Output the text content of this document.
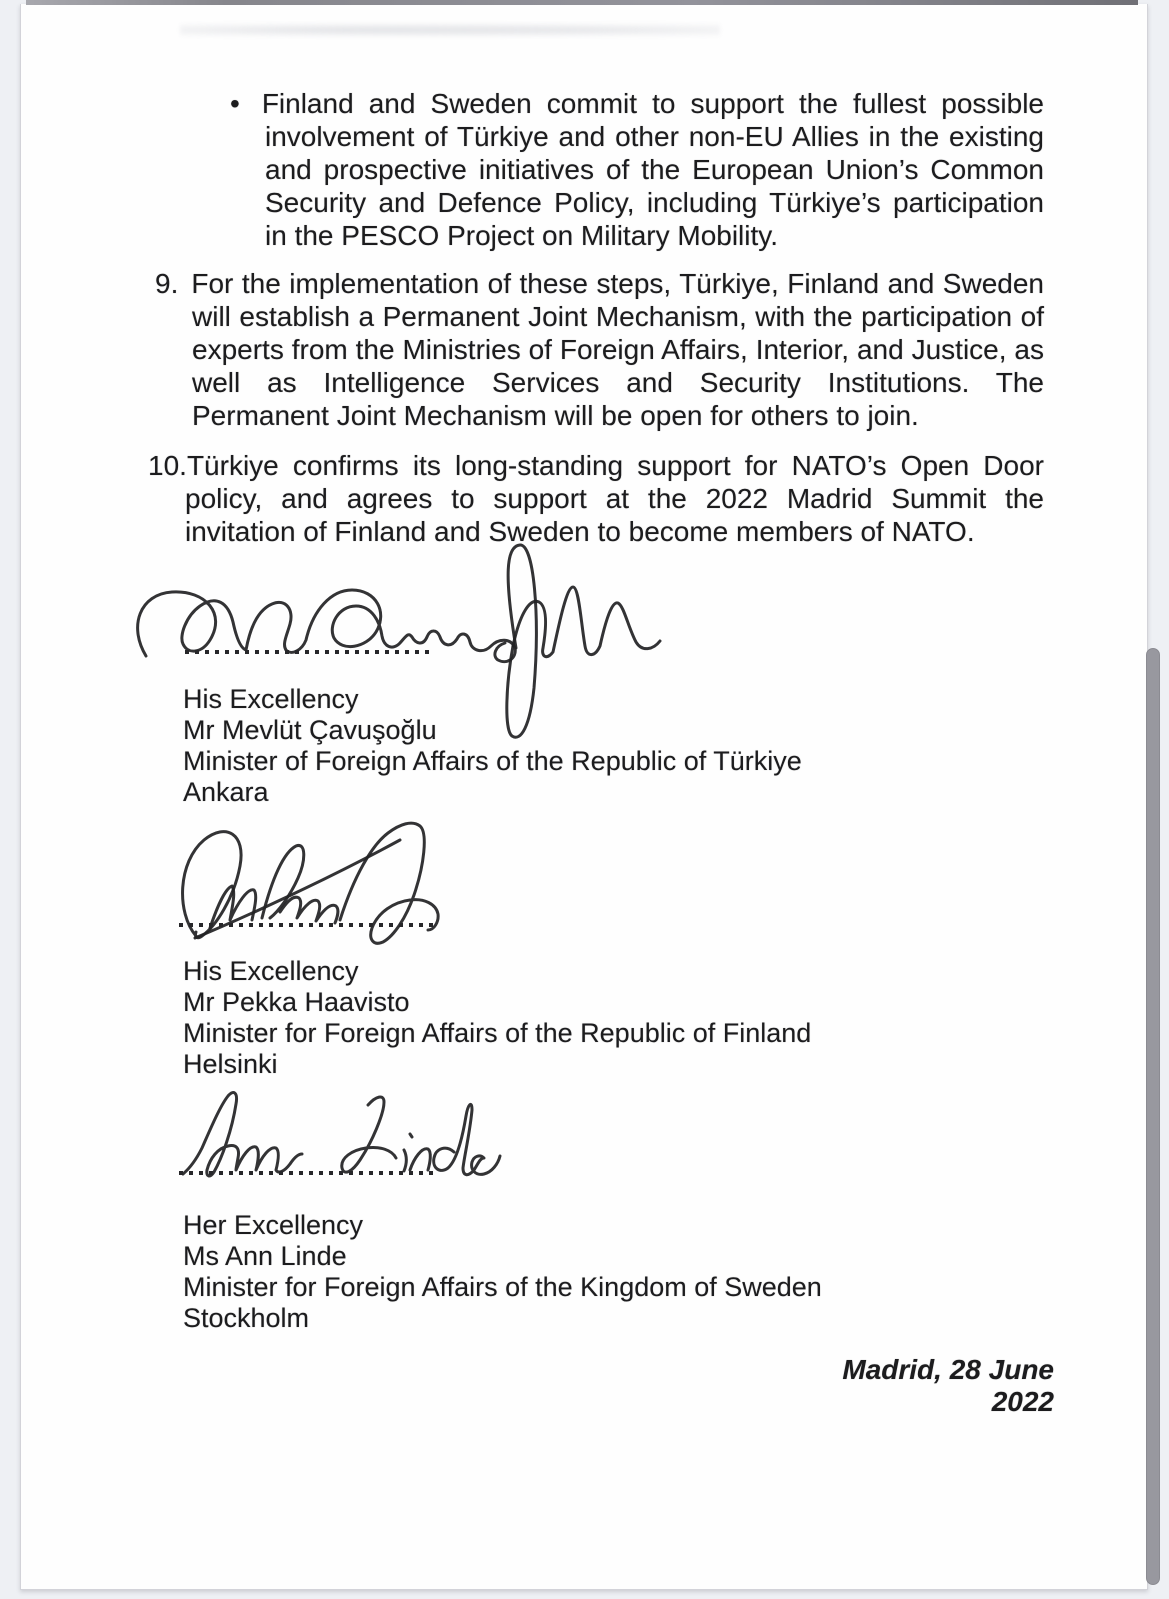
• Finland and Sweden commit to support the fullest possible involvement of Türkiye and other non-EU Allies in the existing and prospective initiatives of the European Union’s Common Security and Defence Policy, including Türkiye’s participation in the PESCO Project on Military Mobility.
9. For the implementation of these steps, Türkiye, Finland and Sweden will establish a Permanent Joint Mechanism, with the participation of experts from the Ministries of Foreign Affairs, Interior, and Justice, as well as Intelligence Services and Security Institutions. The Permanent Joint Mechanism will be open for others to join.
10.Türkiye confirms its long-standing support for NATO’s Open Door policy, and agrees to support at the 2022 Madrid Summit the invitation of Finland and Sweden to become members of NATO.
His Excellency
Mr Mevlüt Çavuşoğlu
Minister of Foreign Affairs of the Republic of Türkiye
Ankara
His Excellency
Mr Pekka Haavisto
Minister for Foreign Affairs of the Republic of Finland
Helsinki
Her Excellency
Ms Ann Linde
Minister for Foreign Affairs of the Kingdom of Sweden
Stockholm
Madrid, 28 June 2022
